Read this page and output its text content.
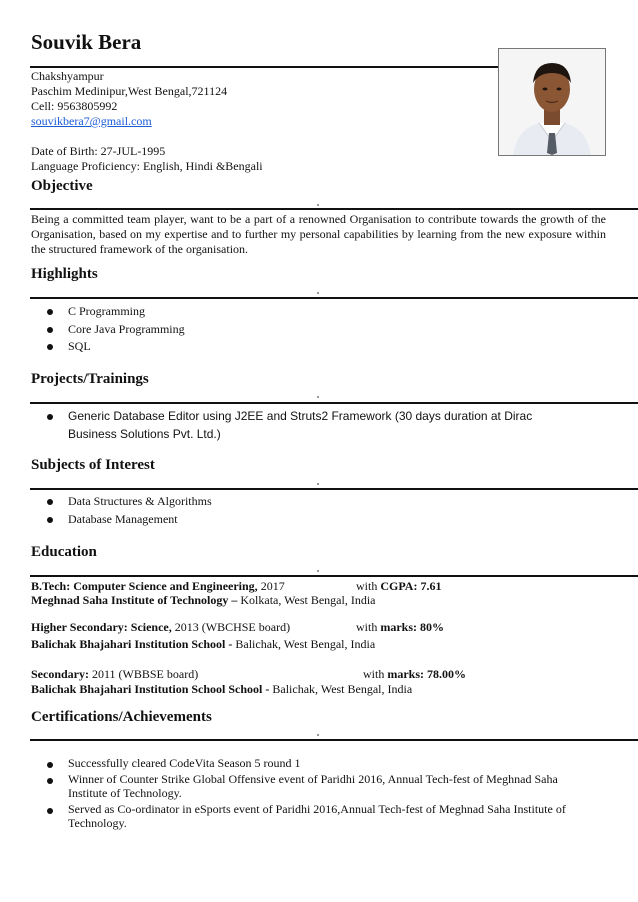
Souvik Bera
Chakshyampur
Paschim Medinipur,West Bengal,721124
Cell: 9563805992
souvikbera7@gmail.com
Date of Birth: 27-JUL-1995
Language Proficiency: English, Hindi &Bengali
Objective
Being a committed team player, want to be a part of a renowned Organisation to contribute towards the growth of the Organisation, based on my expertise and to further my personal capabilities by learning from the new exposure within the structured framework of the organisation.
Highlights
C Programming
Core Java Programming
SQL
Projects/Trainings
Generic Database Editor using J2EE and Struts2 Framework (30 days duration at Dirac Business Solutions Pvt. Ltd.)
Subjects of Interest
Data Structures & Algorithms
Database Management
Education
B.Tech: Computer Science and Engineering, 2017	with CGPA: 7.61
Meghnad Saha Institute of Technology – Kolkata, West Bengal, India
Higher Secondary: Science, 2013 (WBCHSE board)	with marks: 80%
Balichak Bhajahari Institution School - Balichak, West Bengal, India
Secondary: 2011 (WBBSE board)	with marks: 78.00%
Balichak Bhajahari Institution School School - Balichak, West Bengal, India
Certifications/Achievements
Successfully cleared CodeVita Season 5 round 1
Winner of Counter Strike Global Offensive event of Paridhi 2016, Annual Tech-fest of Meghnad Saha Institute of Technology.
Served as Co-ordinator in eSports event of Paridhi 2016,Annual Tech-fest of Meghnad Saha Institute of Technology.
